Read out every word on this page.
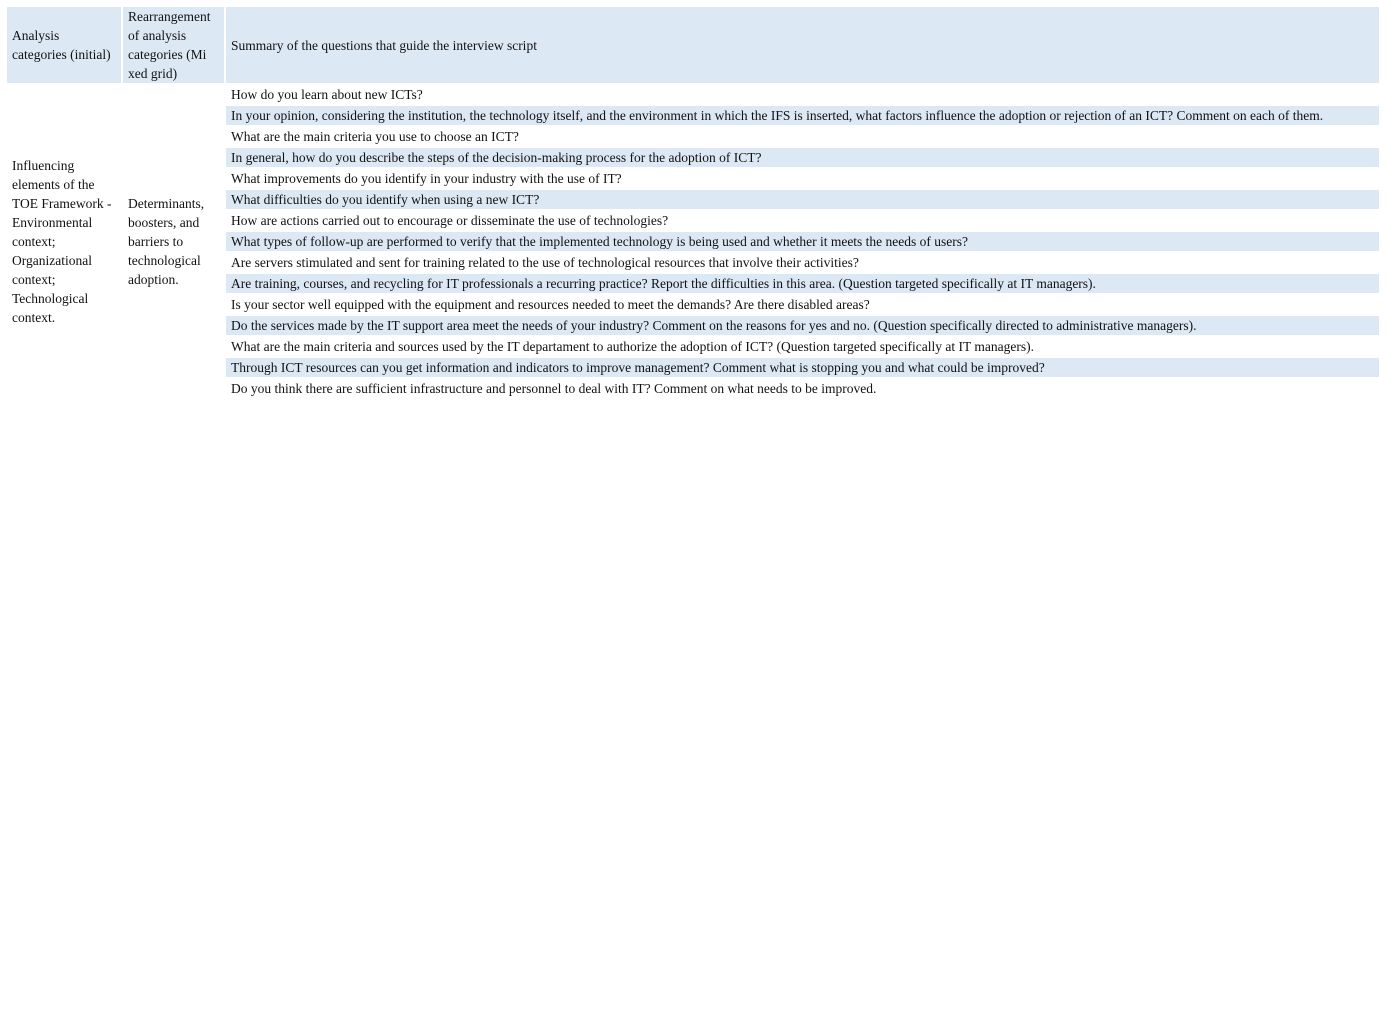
Analysis categories (initial)	Rearrangement of analysis categories (Mi xed grid)	Summary of the questions that guide the interview script
Influencing elements of the TOE Framework - Environmental context; Organizational context; Technological context.	Determinants, boosters, and barriers to technological adoption.	How do you learn about new ICTs?
		In your opinion, considering the institution, the technology itself, and the environment in which the IFS is inserted, what factors influence the adoption or rejection of an ICT? Comment on each of them.
		What are the main criteria you use to choose an ICT?
		In general, how do you describe the steps of the decision-making process for the adoption of ICT?
		What improvements do you identify in your industry with the use of IT?
		What difficulties do you identify when using a new ICT?
		How are actions carried out to encourage or disseminate the use of technologies?
		What types of follow-up are performed to verify that the implemented technology is being used and whether it meets the needs of users?
		Are servers stimulated and sent for training related to the use of technological resources that involve their activities?
		Are training, courses, and recycling for IT professionals a recurring practice? Report the difficulties in this area. (Question targeted specifically at IT managers).
		Is your sector well equipped with the equipment and resources needed to meet the demands? Are there disabled areas?
		Do the services made by the IT support area meet the needs of your industry? Comment on the reasons for yes and no. (Question specifically directed to administrative managers).
		What are the main criteria and sources used by the IT departament to authorize the adoption of ICT? (Question targeted specifically at IT managers).
		Through ICT resources can you get information and indicators to improve management? Comment what is stopping you and what could be improved?
		Do you think there are sufficient infrastructure and personnel to deal with IT? Comment on what needs to be improved.
